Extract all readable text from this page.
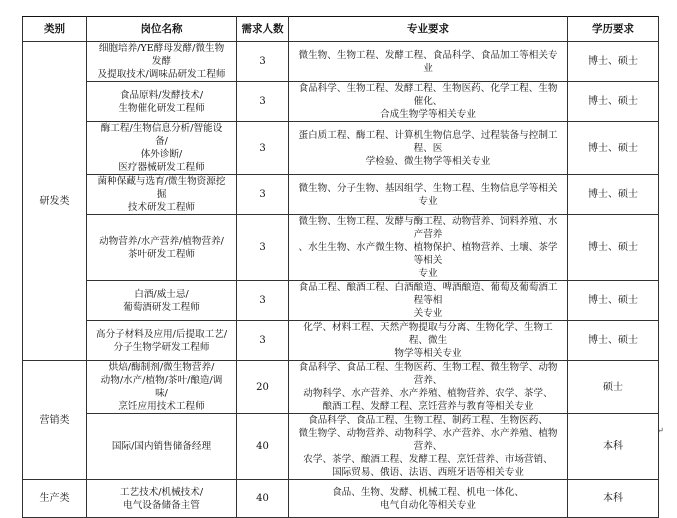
类别	岗位名称	需求人数	专业要求	学历要求
研发类	细胞培养/YE酵母发酵/微生物发酵
及提取技术/调味品研发工程师	3	微生物、生物工程、发酵工程、食品科学、食品加工等相关专业	博士、硕士
	食品原料/发酵技术/
生物催化研发工程师	3	食品科学、生物工程、发酵工程、生物医药、化学工程、生物催化、
合成生物学等相关专业	博士、硕士
	酶工程/生物信息分析/智能设备/
体外诊断/
医疗器械研发工程师	3	蛋白质工程、酶工程、计算机生物信息学、过程装备与控制工程、医
学检验、微生物学等相关专业	博士、硕士
	菌种保藏与选育/微生物资源挖掘
技术研发工程师	3	微生物、分子生物、基因组学、生物工程、生物信息学等相关专业	博士、硕士
	动物营养/水产营养/植物营养/
茶叶研发工程师	3	微生物、生物工程、发酵与酶工程、动物营养、饲料养殖、水产营养
、水生生物、水产微生物、植物保护、植物营养、土壤、茶学等相关
专业	博士、硕士
	白酒/威士忌/
葡萄酒研发工程师	3	食品工程、酿酒工程、白酒酿造、啤酒酿造、葡萄及葡萄酒工程等相
关专业	博士、硕士
	高分子材料及应用/后提取工艺/
分子生物学研发工程师	3	化学、材料工程、天然产物提取与分离、生物化学、生物工程、微生
物学等相关专业	博士、硕士
营销类	烘焙/酶制剂/微生物营养/
动物/水产/植物/茶叶/酿造/调味/
烹饪应用技术工程师	20	食品科学、食品工程、生物医药、生物工程、微生物学、动物营养、
动物科学、水产营养、水产养殖、植物营养、农学、茶学、
酿酒工程、发酵工程、烹饪营养与教育等相关专业	硕士
	国际/国内销售储备经理	40	食品科学、食品工程、生物工程、制药工程、生物医药、
微生物学、动物营养、动物科学、水产营养、水产养殖、植物营养、
农学、茶学、酿酒工程、发酵工程、烹饪营养、市场营销、
国际贸易、俄语、法语、西班牙语等相关专业	本科
生产类	工艺技术/机械技术/
电气设备储备主管	40	食品、生物、发酵、机械工程、机电一体化、
电气自动化等相关专业	本科
↵
